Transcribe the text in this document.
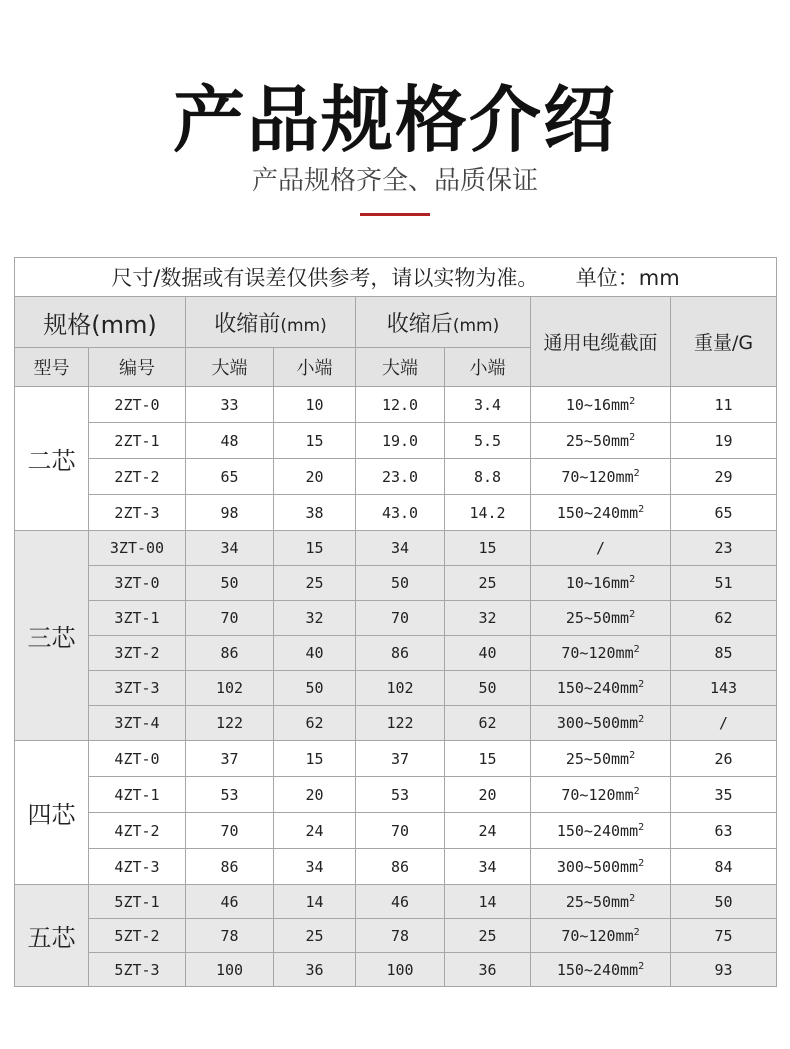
产品规格介绍
产品规格齐全、品质保证
尺寸/数据或有误差仅供参考，请以实物为准。 单位：mm							
规格(mm)		收缩前(mm)		收缩后(mm)		通用电缆截面	重量/G
型号	编号	大端	小端	大端	小端		
二芯	2ZT-0	33	10	12.0	3.4	$10\sim 16mm^2$	11
	2ZT-1	48	15	19.0	5.5	$25\sim 50mm^2$	19
	2ZT-2	65	20	23.0	8.8	$70\sim 120mm^2$	29
	2ZT-3	98	38	43.0	14.2	$150\sim 240mm^2$	65
三芯	3ZT-00	34	15	34	15	/	23
	3ZT-0	50	25	50	25	$10\sim 16mm^2$	51
	3ZT-1	70	32	70	32	$25\sim 50mm^2$	62
	3ZT-2	86	40	86	40	$70\sim 120mm^2$	85
	3ZT-3	102	50	102	50	$150\sim 240mm^2$	143
	3ZT-4	122	62	122	62	$300\sim 500mm^2$	/
四芯	4ZT-0	37	15	37	15	$25\sim 50mm^2$	26
	4ZT-1	53	20	53	20	$70\sim 120mm^2$	35
	4ZT-2	70	24	70	24	$150\sim 240mm^2$	63
	4ZT-3	86	34	86	34	$300\sim 500mm^2$	84
五芯	5ZT-1	46	14	46	14	$25\sim 50mm^2$	50
	5ZT-2	78	25	78	25	$70\sim 120mm^2$	75
	5ZT-3	100	36	100	36	$150\sim 240mm^2$	93
